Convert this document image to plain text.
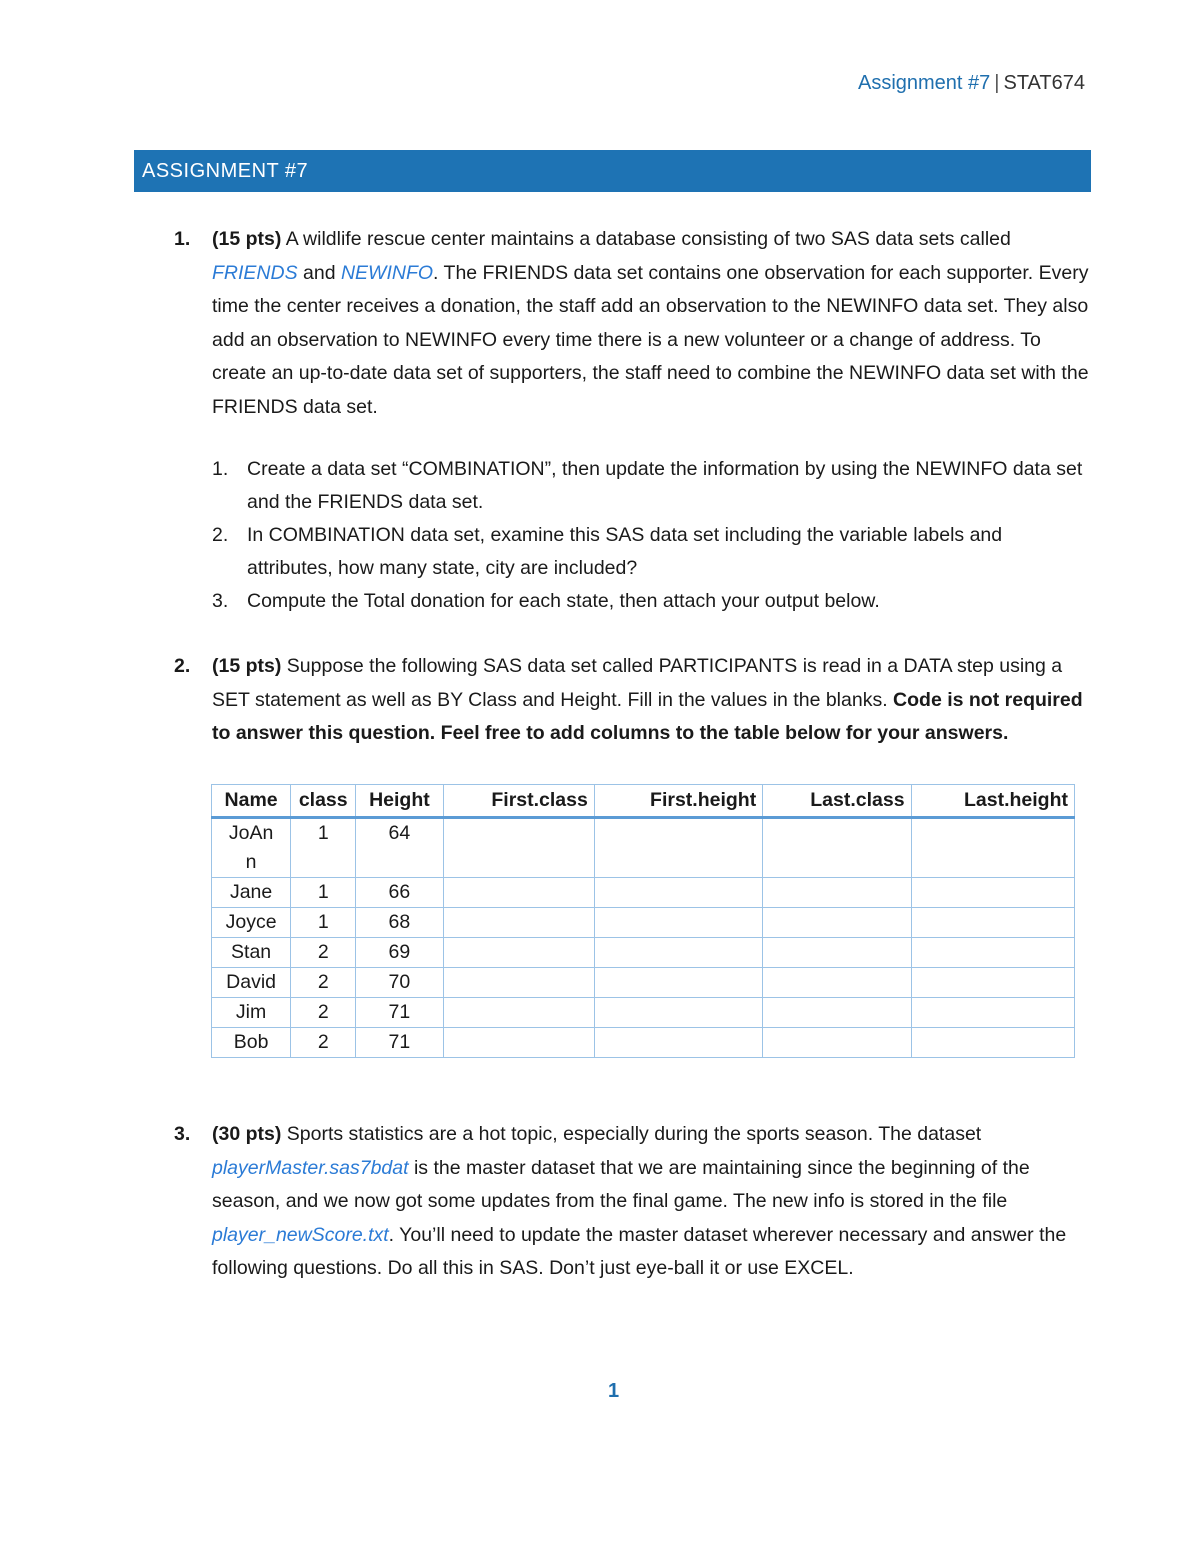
Assignment #7 | STAT674
ASSIGNMENT #7
1. (15 pts) A wildlife rescue center maintains a database consisting of two SAS data sets called FRIENDS and NEWINFO. The FRIENDS data set contains one observation for each supporter. Every time the center receives a donation, the staff add an observation to the NEWINFO data set. They also add an observation to NEWINFO every time there is a new volunteer or a change of address. To create an up-to-date data set of supporters, the staff need to combine the NEWINFO data set with the FRIENDS data set.
1. Create a data set “COMBINATION”, then update the information by using the NEWINFO data set and the FRIENDS data set.
2. In COMBINATION data set, examine this SAS data set including the variable labels and attributes, how many state, city are included?
3. Compute the Total donation for each state, then attach your output below.
2. (15 pts) Suppose the following SAS data set called PARTICIPANTS is read in a DATA step using a SET statement as well as BY Class and Height. Fill in the values in the blanks. Code is not required to answer this question. Feel free to add columns to the table below for your answers.
Name	class	Height	First.class	First.height	Last.class	Last.height

JoAn
n	1	64				
Jane	1	66				
Joyce	1	68				
Stan	2	69				
David	2	70				
Jim	2	71				
Bob	2	71				
3. (30 pts) Sports statistics are a hot topic, especially during the sports season. The dataset playerMaster.sas7bdat is the master dataset that we are maintaining since the beginning of the season, and we now got some updates from the final game. The new info is stored in the file player_newScore.txt. You’ll need to update the master dataset wherever necessary and answer the following questions. Do all this in SAS. Don’t just eye-ball it or use EXCEL.
1
